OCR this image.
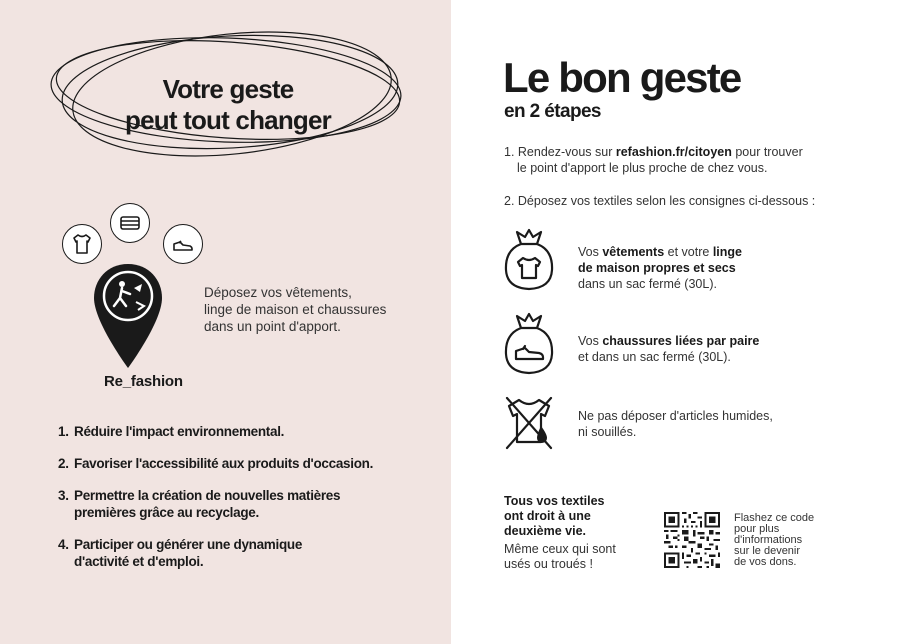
Votre geste
peut tout changer
Re_fashion
Déposez vos vêtements,
linge de maison et chaussures
dans un point d'apport.
1. Réduire l'impact environnemental.
2. Favoriser l'accessibilité aux produits d'occasion.
3. Permettre la création de nouvelles matières
premières grâce au recyclage.
4. Participer ou générer une dynamique
d'activité et d'emploi.
Le bon geste
en 2 étapes
1. Rendez-vous sur refashion.fr/citoyen pour trouver
le point d'apport le plus proche de chez vous.
2. Déposez vos textiles selon les consignes ci-dessous :
Vos vêtements et votre linge
de maison propres et secs
dans un sac fermé (30L).
Vos chaussures liées par paire
et dans un sac fermé (30L).
Ne pas déposer d'articles humides,
ni souillés.
Tous vos textiles
ont droit à une
deuxième vie.
Même ceux qui sont
usés ou troués !
Flashez ce code
pour plus
d'informations
sur le devenir
de vos dons.
